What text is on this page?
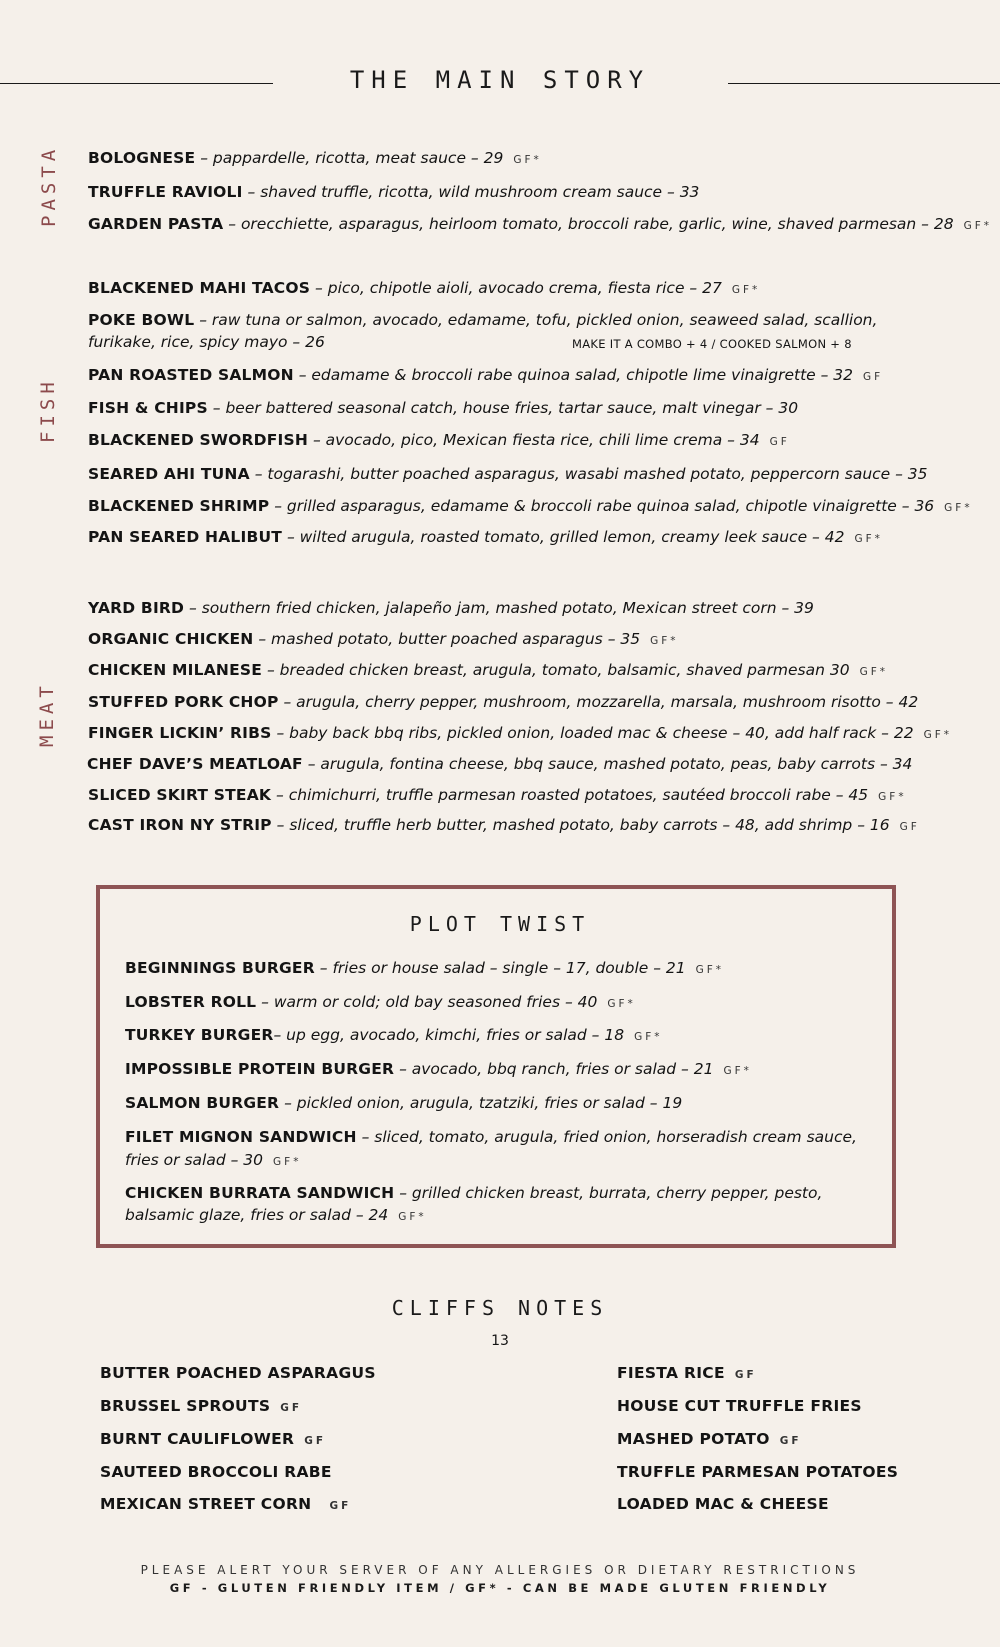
THE MAIN STORY
PASTA
FISH
MEAT
BOLOGNESE – pappardelle, ricotta, meat sauce – 29 GF*
TRUFFLE RAVIOLI – shaved truffle, ricotta, wild mushroom cream sauce – 33
GARDEN PASTA – orecchiette, asparagus, heirloom tomato, broccoli rabe, garlic, wine, shaved parmesan – 28 GF*
BLACKENED MAHI TACOS – pico, chipotle aioli, avocado crema, fiesta rice – 27 GF*
POKE BOWL – raw tuna or salmon, avocado, edamame, tofu, pickled onion, seaweed salad, scallion,
furikake, rice, spicy mayo – 26	MAKE IT A COMBO + 4 / COOKED SALMON + 8
PAN ROASTED SALMON – edamame & broccoli rabe quinoa salad, chipotle lime vinaigrette – 32 GF
FISH & CHIPS – beer battered seasonal catch, house fries, tartar sauce, malt vinegar – 30
BLACKENED SWORDFISH – avocado, pico, Mexican fiesta rice, chili lime crema – 34 GF
SEARED AHI TUNA – togarashi, butter poached asparagus, wasabi mashed potato, peppercorn sauce – 35
BLACKENED SHRIMP – grilled asparagus, edamame & broccoli rabe quinoa salad, chipotle vinaigrette – 36 GF*
PAN SEARED HALIBUT – wilted arugula, roasted tomato, grilled lemon, creamy leek sauce – 42 GF*
YARD BIRD – southern fried chicken, jalapeño jam, mashed potato, Mexican street corn – 39
ORGANIC CHICKEN – mashed potato, butter poached asparagus – 35 GF*
CHICKEN MILANESE – breaded chicken breast, arugula, tomato, balsamic, shaved parmesan 30 GF*
STUFFED PORK CHOP – arugula, cherry pepper, mushroom, mozzarella, marsala, mushroom risotto – 42
FINGER LICKIN’ RIBS – baby back bbq ribs, pickled onion, loaded mac & cheese – 40, add half rack – 22 GF*
CHEF DAVE’S MEATLOAF – arugula, fontina cheese, bbq sauce, mashed potato, peas, baby carrots – 34
SLICED SKIRT STEAK – chimichurri, truffle parmesan roasted potatoes, sautéed broccoli rabe – 45 GF*
CAST IRON NY STRIP – sliced, truffle herb butter, mashed potato, baby carrots – 48, add shrimp – 16 GF
PLOT TWIST
BEGINNINGS BURGER – fries or house salad – single – 17, double – 21 GF*
LOBSTER ROLL – warm or cold; old bay seasoned fries – 40 GF*
TURKEY BURGER– up egg, avocado, kimchi, fries or salad – 18 GF*
IMPOSSIBLE PROTEIN BURGER – avocado, bbq ranch, fries or salad – 21 GF*
SALMON BURGER – pickled onion, arugula, tzatziki, fries or salad – 19
FILET MIGNON SANDWICH – sliced, tomato, arugula, fried onion, horseradish cream sauce,
fries or salad – 30 GF*
CHICKEN BURRATA SANDWICH – grilled chicken breast, burrata, cherry pepper, pesto,
balsamic glaze, fries or salad – 24 GF*
CLIFFS NOTES
13
BUTTER POACHED ASPARAGUS
BRUSSEL SPROUTS GF
BURNT CAULIFLOWER GF
SAUTEED BROCCOLI RABE
MEXICAN STREET CORN GF
FIESTA RICE GF
HOUSE CUT TRUFFLE FRIES
MASHED POTATO GF
TRUFFLE PARMESAN POTATOES
LOADED MAC & CHEESE
PLEASE ALERT YOUR SERVER OF ANY ALLERGIES OR DIETARY RESTRICTIONS
GF - GLUTEN FRIENDLY ITEM / GF* - CAN BE MADE GLUTEN FRIENDLY
